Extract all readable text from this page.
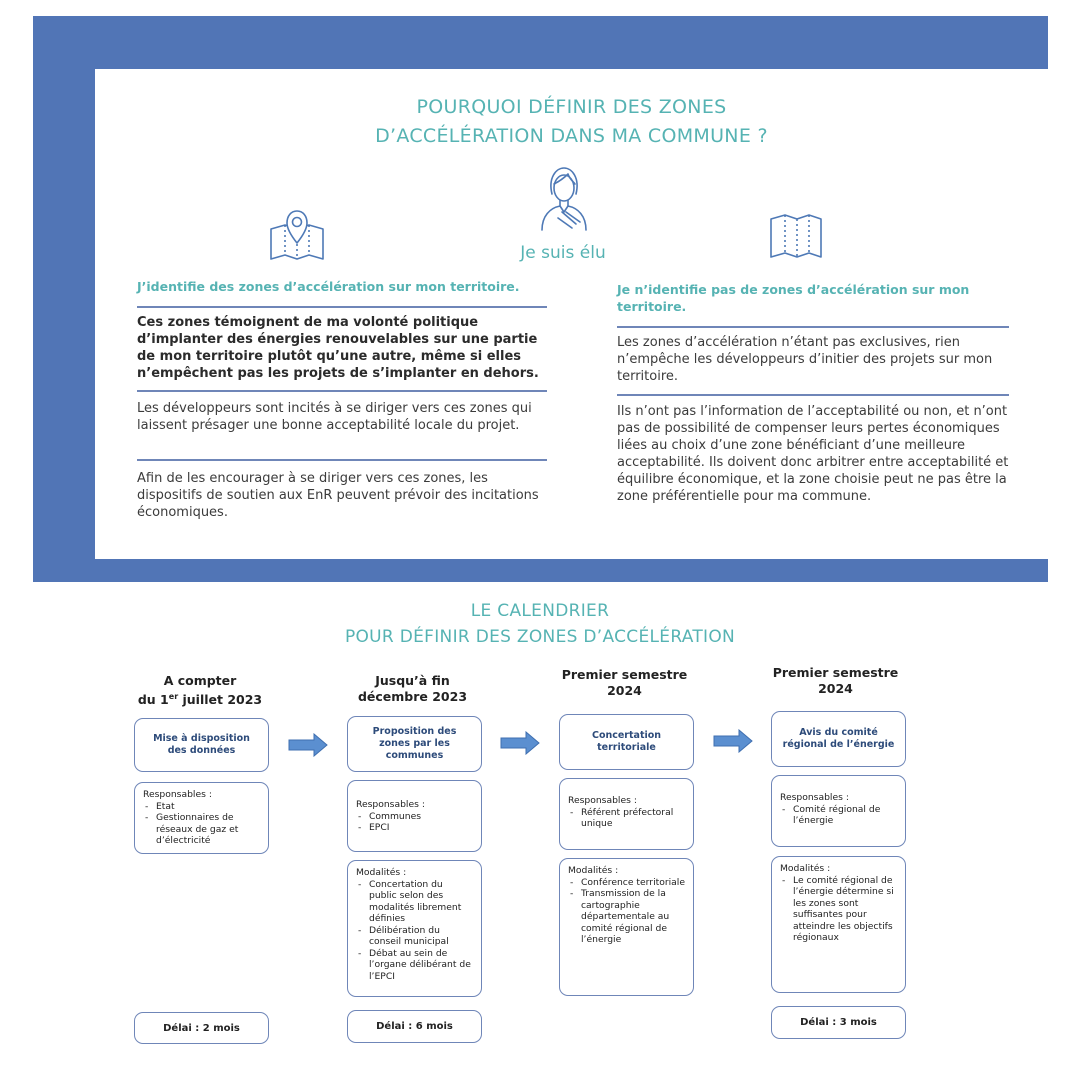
POURQUOI DÉFINIR DES ZONES
D’ACCÉLÉRATION DANS MA COMMUNE ?
Je suis élu
J’identifie des zones d’accélération sur mon territoire.
Ces zones témoignent de ma volonté politique d’implanter des énergies renouvelables sur une partie de mon territoire plutôt qu’une autre, même si elles n’empêchent pas les projets de s’implanter en dehors.
Les développeurs sont incités à se diriger vers ces zones qui laissent présager une bonne acceptabilité locale du projet.
Afin de les encourager à se diriger vers ces zones, les dispositifs de soutien aux EnR peuvent prévoir des incitations économiques.
Je n’identifie pas de zones d’accélération sur mon territoire.
Les zones d’accélération n’étant pas exclusives, rien n’empêche les développeurs d’initier des projets sur mon territoire.
Ils n’ont pas l’information de l’acceptabilité ou non, et n’ont pas de possibilité de compenser leurs pertes économiques liées au choix d’une zone bénéficiant d’une meilleure acceptabilité. Ils doivent donc arbitrer entre acceptabilité et équilibre économique, et la zone choisie peut ne pas être la zone préférentielle pour ma commune.
LE CALENDRIER
POUR DÉFINIR DES ZONES D’ACCÉLÉRATION
A compter
du 1er juillet 2023
Mise à disposition des données
Responsables :
- Etat
- Gestionnaires de réseaux de gaz et d’électricité
Délai : 2 mois
Jusqu’à fin
décembre 2023
Proposition des zones par les communes
Responsables :
- Communes
- EPCI
Modalités :
- Concertation du public selon des modalités librement définies
- Délibération du conseil municipal
- Débat au sein de l’organe délibérant de l’EPCI
Délai : 6 mois
Premier semestre
2024
Concertation territoriale
Responsables :
- Référent préfectoral unique
Modalités :
- Conférence territoriale
- Transmission de la cartographie départementale au comité régional de l’énergie
Premier semestre
2024
Avis du comité régional de l’énergie
Responsables :
- Comité régional de l’énergie
Modalités :
- Le comité régional de l’énergie détermine si les zones sont suffisantes pour atteindre les objectifs régionaux
Délai : 3 mois
